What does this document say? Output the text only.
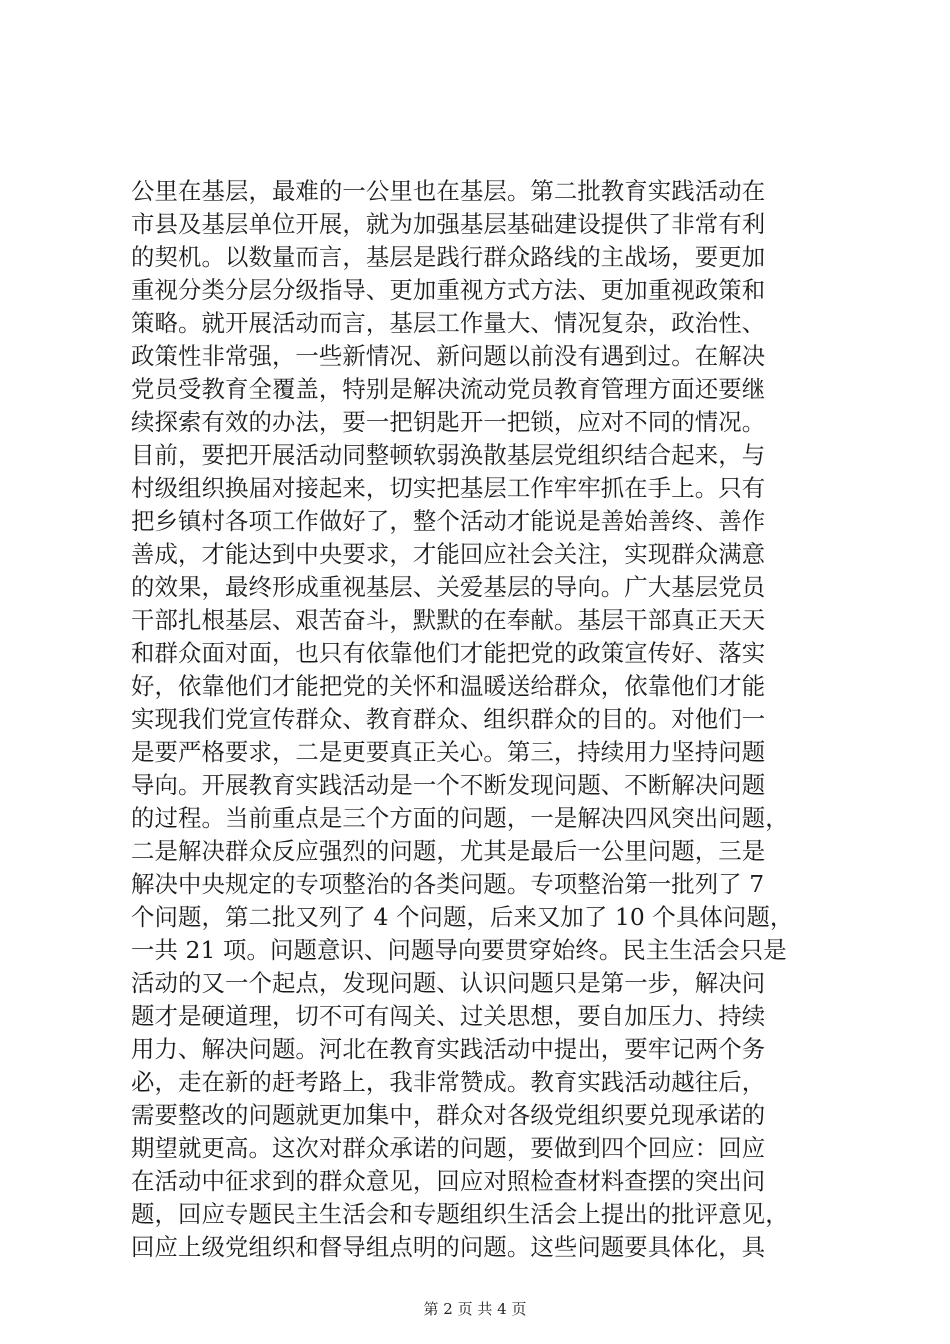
公里在基层，最难的一公里也在基层。第二批教育实践活动在
市县及基层单位开展，就为加强基层基础建设提供了非常有利
的契机。以数量而言，基层是践行群众路线的主战场，要更加
重视分类分层分级指导、更加重视方式方法、更加重视政策和
策略。就开展活动而言，基层工作量大、情况复杂，政治性、
政策性非常强，一些新情况、新问题以前没有遇到过。在解决
党员受教育全覆盖，特别是解决流动党员教育管理方面还要继
续探索有效的办法，要一把钥匙开一把锁，应对不同的情况。
目前，要把开展活动同整顿软弱涣散基层党组织结合起来，与
村级组织换届对接起来，切实把基层工作牢牢抓在手上。只有
把乡镇村各项工作做好了，整个活动才能说是善始善终、善作
善成，才能达到中央要求，才能回应社会关注，实现群众满意
的效果，最终形成重视基层、关爱基层的导向。广大基层党员
干部扎根基层、艰苦奋斗，默默的在奉献。基层干部真正天天
和群众面对面，也只有依靠他们才能把党的政策宣传好、落实
好，依靠他们才能把党的关怀和温暖送给群众，依靠他们才能
实现我们党宣传群众、教育群众、组织群众的目的。对他们一
是要严格要求，二是更要真正关心。第三，持续用力坚持问题
导向。开展教育实践活动是一个不断发现问题、不断解决问题
的过程。当前重点是三个方面的问题，一是解决四风突出问题，
二是解决群众反应强烈的问题，尤其是最后一公里问题，三是
解决中央规定的专项整治的各类问题。专项整治第一批列了 7
个问题，第二批又列了 4 个问题，后来又加了 10 个具体问题，
一共 21 项。问题意识、问题导向要贯穿始终。民主生活会只是
活动的又一个起点，发现问题、认识问题只是第一步，解决问
题才是硬道理，切不可有闯关、过关思想，要自加压力、持续
用力、解决问题。河北在教育实践活动中提出，要牢记两个务
必，走在新的赶考路上，我非常赞成。教育实践活动越往后，
需要整改的问题就更加集中，群众对各级党组织要兑现承诺的
期望就更高。这次对群众承诺的问题，要做到四个回应：回应
在活动中征求到的群众意见，回应对照检查材料查摆的突出问
题，回应专题民主生活会和专题组织生活会上提出的批评意见，
回应上级党组织和督导组点明的问题。这些问题要具体化，具
第 2 页 共 4 页
